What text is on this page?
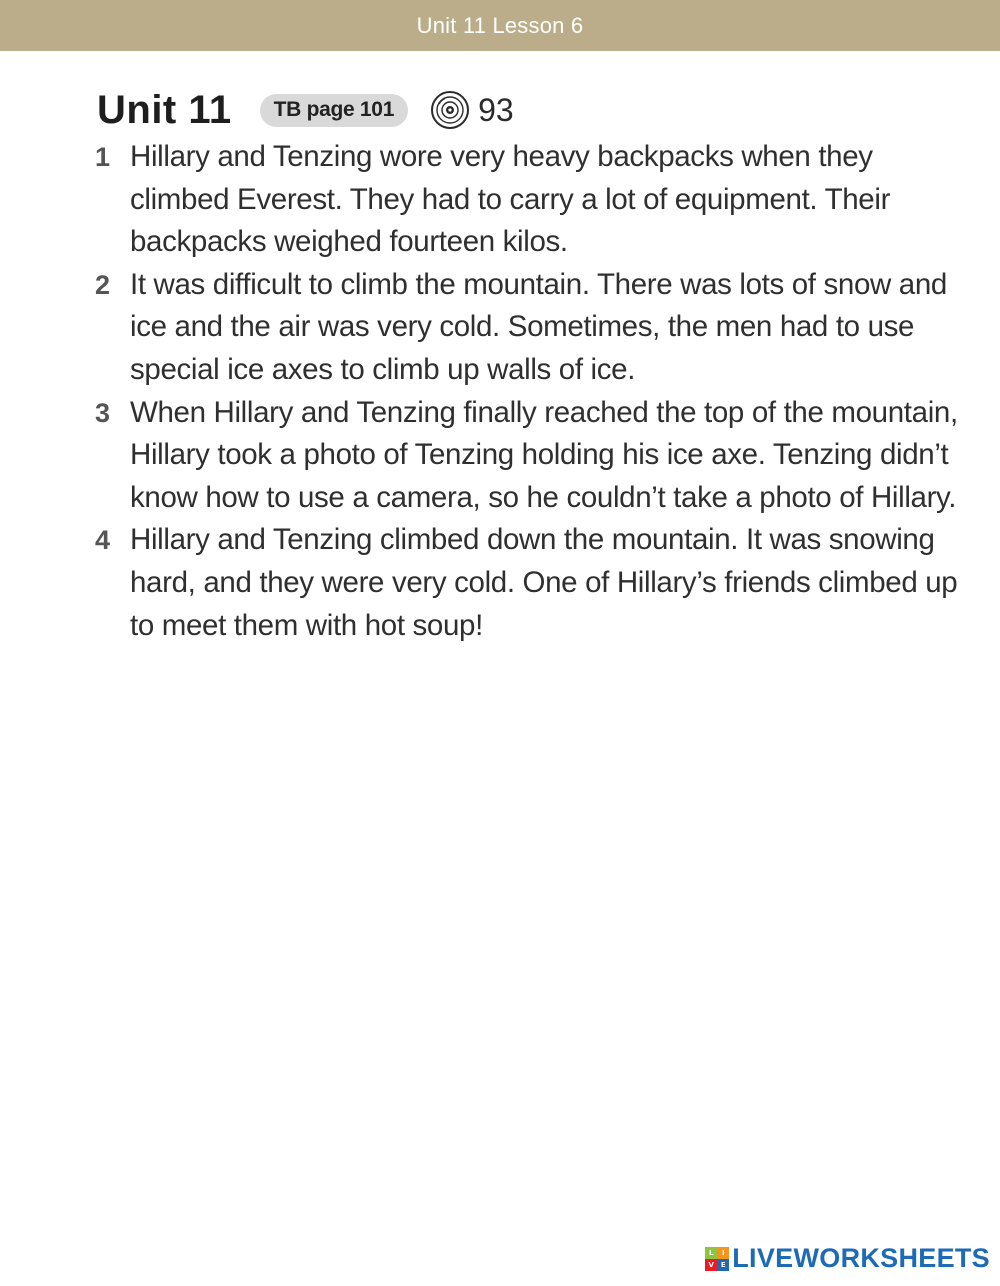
Unit 11 Lesson 6
Unit 11	TB page 101	93
1 Hillary and Tenzing wore very heavy backpacks when they climbed Everest. They had to carry a lot of equipment. Their backpacks weighed fourteen kilos.
2 It was difficult to climb the mountain. There was lots of snow and ice and the air was very cold. Sometimes, the men had to use special ice axes to climb up walls of ice.
3 When Hillary and Tenzing finally reached the top of the mountain, Hillary took a photo of Tenzing holding his ice axe. Tenzing didn’t know how to use a camera, so he couldn’t take a photo of Hillary.
4 Hillary and Tenzing climbed down the mountain. It was snowing hard, and they were very cold. One of Hillary’s friends climbed up to meet them with hot soup!
L	I
V E LIVEWORKSHEETS
